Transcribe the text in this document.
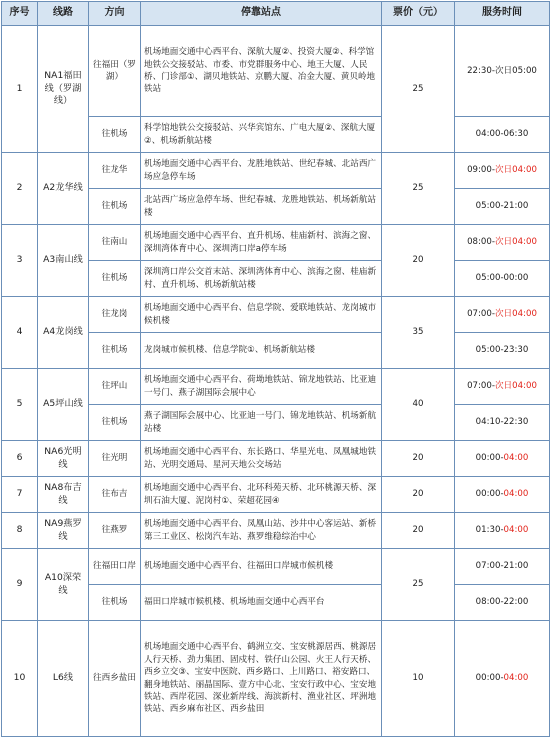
序号	线路	方向	停靠站点	票价（元）	服务时间
1	NA1福田线（罗湖线）	往福田（罗湖）	机场地面交通中心西平台、深航大厦②、投资大厦②、科学馆地铁公交接驳站、市委、市党群服务中心、地王大厦、人民桥、门诊部①、湖贝地铁站、京鹏大厦、冶金大厦、黄贝岭地铁站	25	22:30-次日05:00
		往机场	科学馆地铁公交接驳站、兴华宾馆东、广电大厦②、深航大厦②、机场新航站楼		04:00-06:30
2	A2龙华线	往龙华	机场地面交通中心西平台、龙胜地铁站、世纪春城、北站西广场应急停车场	25	09:00-次日04:00
		往机场	北站西广场应急停车场、世纪春城、龙胜地铁站、机场新航站楼		05:00-21:00
3	A3南山线	往南山	机场地面交通中心西平台、直升机场、桂庙新村、滨海之窗、深圳湾体育中心、深圳湾口岸a停车场	20	08:00-次日04:00
		往机场	深圳湾口岸公交首末站、深圳湾体育中心、滨海之窗、桂庙新村、直升机场、机场新航站楼		05:00-00:00
4	A4龙岗线	往龙岗	机场地面交通中心西平台、信息学院、爱联地铁站、龙岗城市候机楼	35	07:00-次日04:00
		往机场	龙岗城市候机楼、信息学院①、机场新航站楼		05:00-23:30
5	A5坪山线	往坪山	机场地面交通中心西平台、荷坳地铁站、锦龙地铁站、比亚迪一号门、燕子湖国际会展中心	40	07:00-次日04:00
		往机场	燕子湖国际会展中心、比亚迪一号门、锦龙地铁站、机场新航站楼		04:10-22:30
6	NA6光明线	往光明	机场地面交通中心西平台、东长路口、华星光电、凤凰城地铁站、光明交通局、星河天地公交场站	20	00:00-04:00
7	NA8布吉线	往布吉	机场地面交通中心西平台、北环科苑天桥、北环桃源天桥、深圳石油大厦、泥岗村①、荣超花园④	20	00:00-04:00
8	NA9燕罗线	往燕罗	机场地面交通中心西平台、凤凰山站、沙井中心客运站、新桥第三工业区、松岗汽车站、燕罗维稳综治中心	20	01:30-04:00
9	A10深荣线	往福田口岸	机场地面交通中心西平台、往福田口岸城市候机楼	25	07:00-21:00
		往机场	福田口岸城市候机楼、机场地面交通中心西平台		08:00-22:00
10	L6线	往西乡盐田	机场地面交通中心西平台、鹤洲立交、宝安桃源居西、桃源居人行天桥、劲力集团、固戍村、铁仔山公园、火王人行天桥、西乡立交③、宝安中医院、西乡路口、上川路口、裕安路口、翻身地铁站、丽晶国际、壹方中心北、宝安行政中心、宝安地铁站、西岸花园、深业新岸线、海滨新村、渔业社区、坪洲地铁站、西乡麻布社区、西乡盐田	10	00:00-04:00
